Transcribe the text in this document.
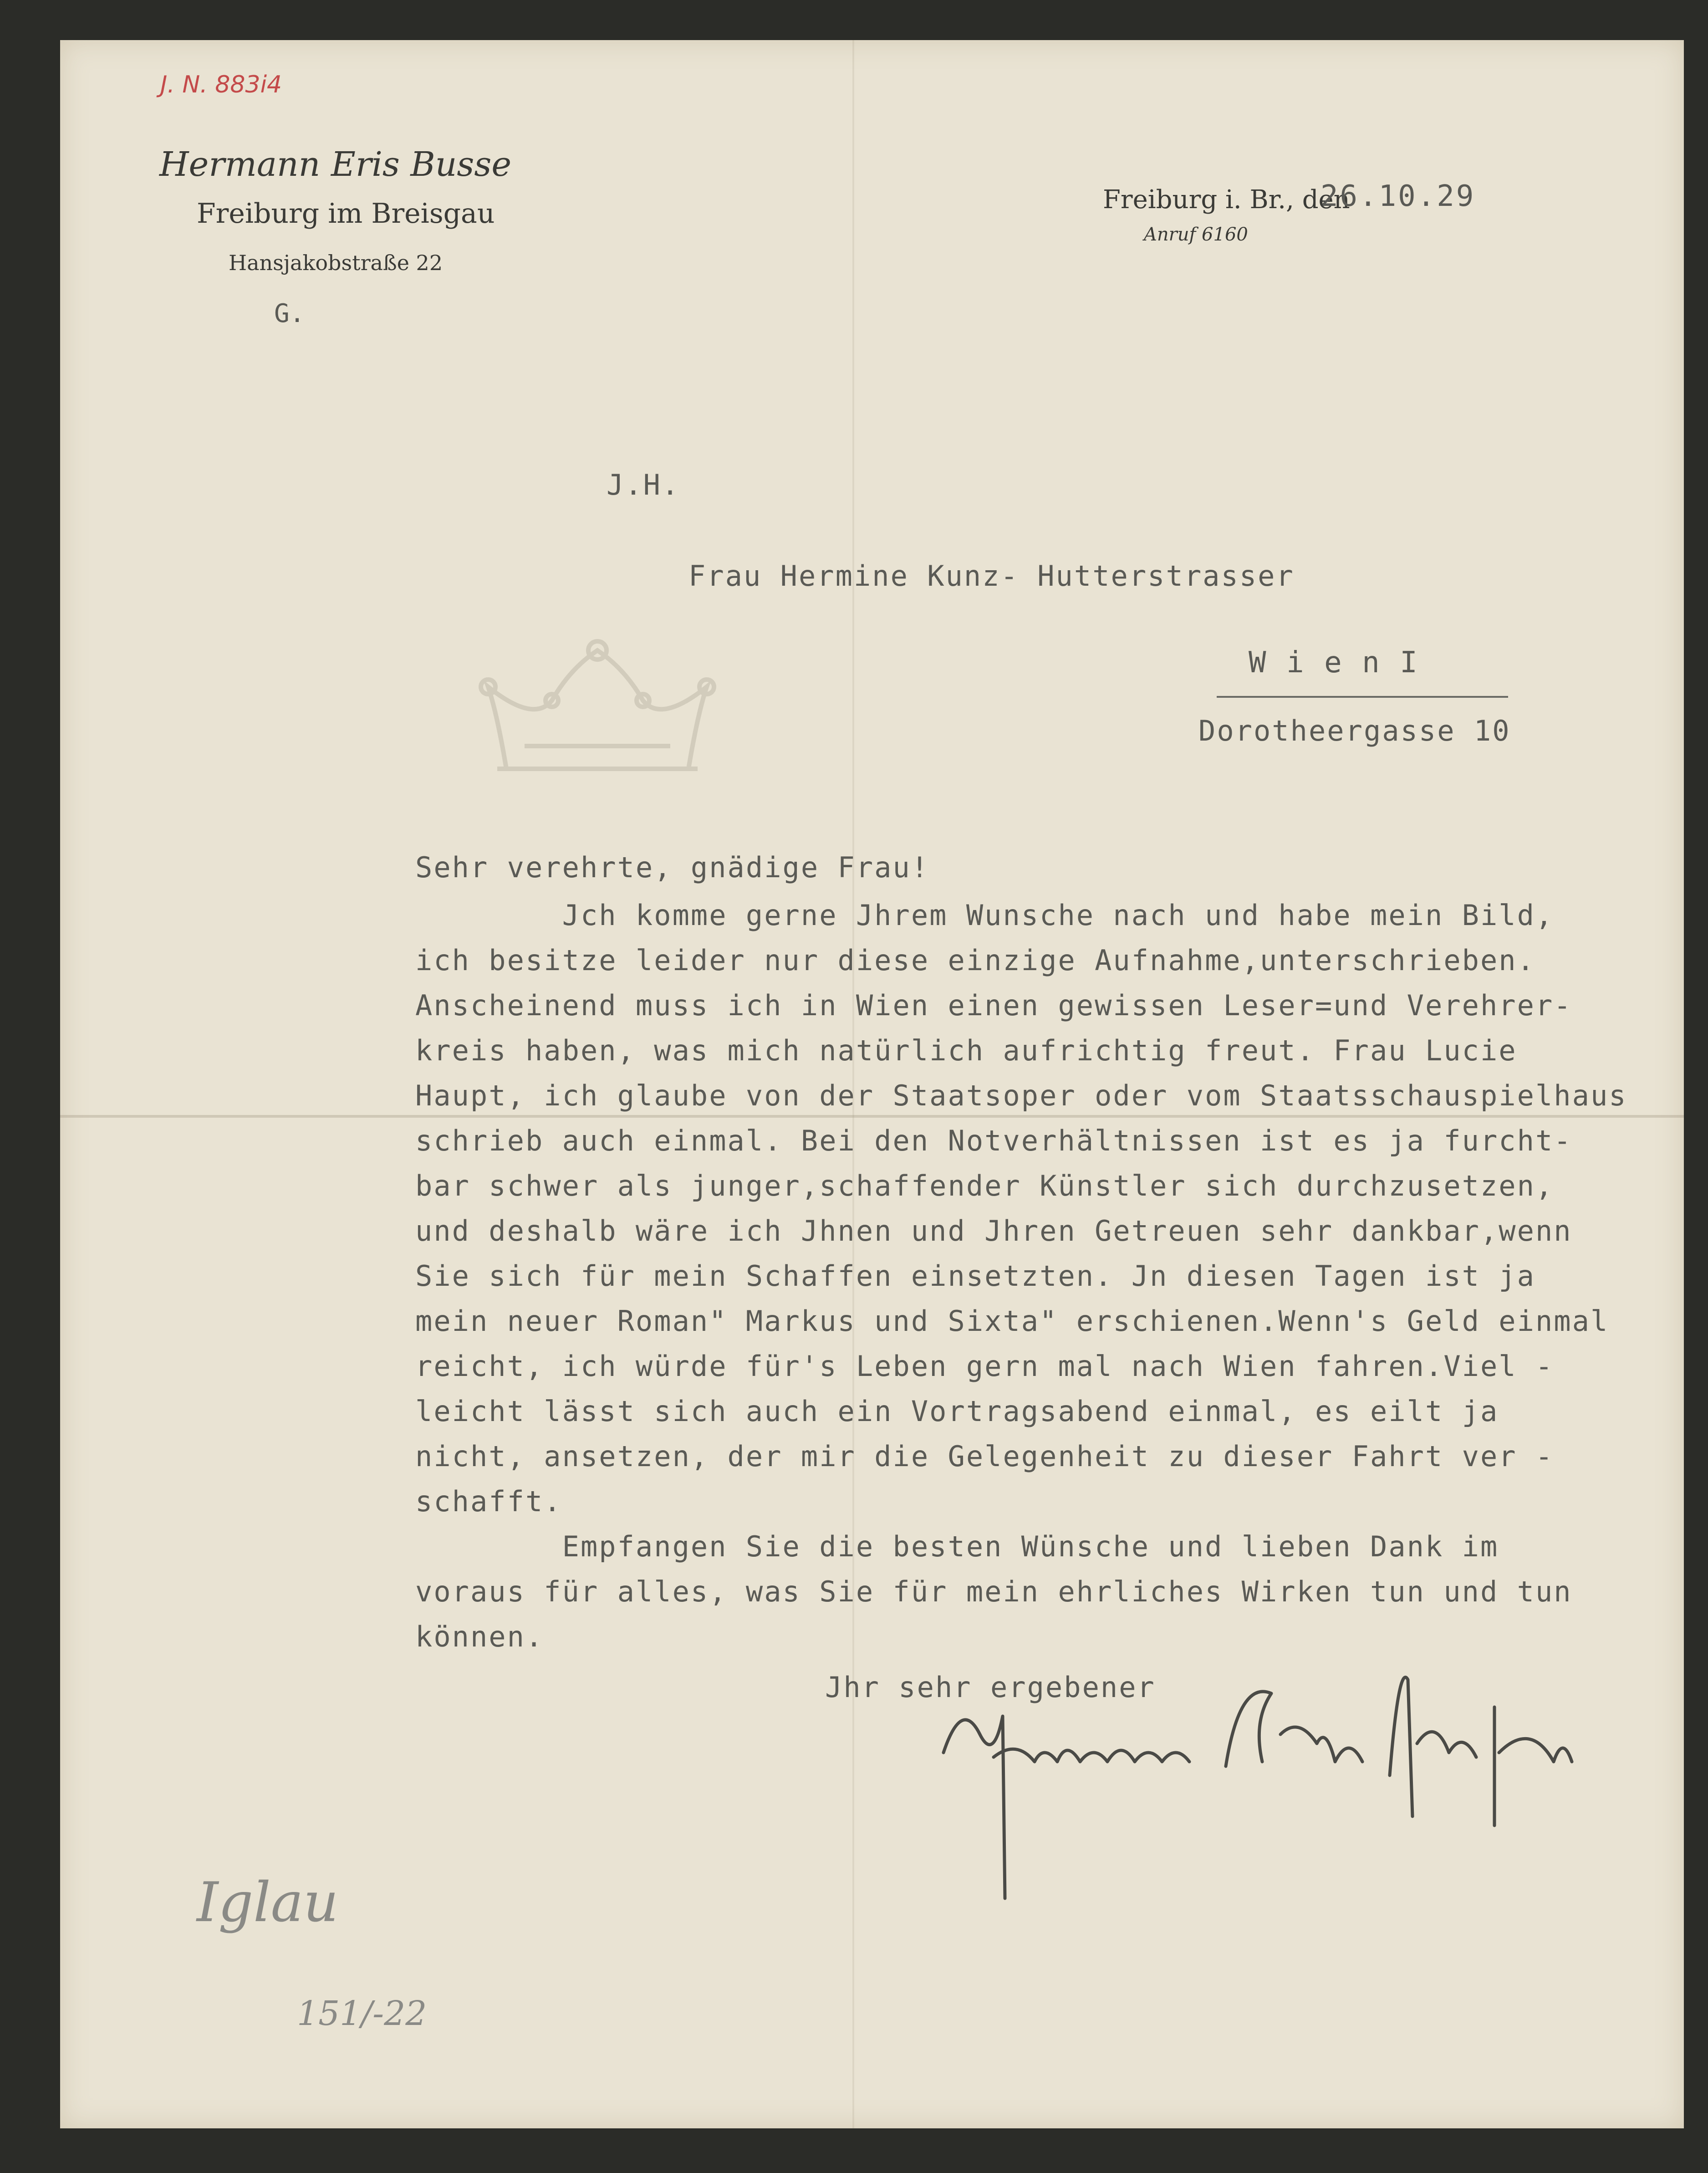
J. N. 883i4
Hermann Eris Busse
Freiburg im Breisgau
Hansjakobstraße 22
G.
Freiburg i. Br., den
26.10.29
Anruf 6160
J.H.
Frau Hermine Kunz- Hutterstrasser
W i e n I
Dorotheergasse 10
Sehr verehrte, gnädige Frau!
Jch komme gerne Jhrem Wunsche nach und habe mein Bild,
ich besitze leider nur diese einzige Aufnahme,unterschrieben.
Anscheinend muss ich in Wien einen gewissen Leser=und Verehrer-
kreis haben, was mich natürlich aufrichtig freut. Frau Lucie
Haupt, ich glaube von der Staatsoper oder vom Staatsschauspielhaus
schrieb auch einmal. Bei den Notverhältnissen ist es ja furcht-
bar schwer als junger,schaffender Künstler sich durchzusetzen,
und deshalb wäre ich Jhnen und Jhren Getreuen sehr dankbar,wenn
Sie sich für mein Schaffen einsetzten. Jn diesen Tagen ist ja
mein neuer Roman" Markus und Sixta" erschienen.Wenn's Geld einmal
reicht, ich würde für's Leben gern mal nach Wien fahren.Viel -
leicht lässt sich auch ein Vortragsabend einmal, es eilt ja
nicht, ansetzen, der mir die Gelegenheit zu dieser Fahrt ver -
schafft.
Empfangen Sie die besten Wünsche und lieben Dank im
voraus für alles, was Sie für mein ehrliches Wirken tun und tun
können.
Jhr sehr ergebener
Iglau
151/-22
